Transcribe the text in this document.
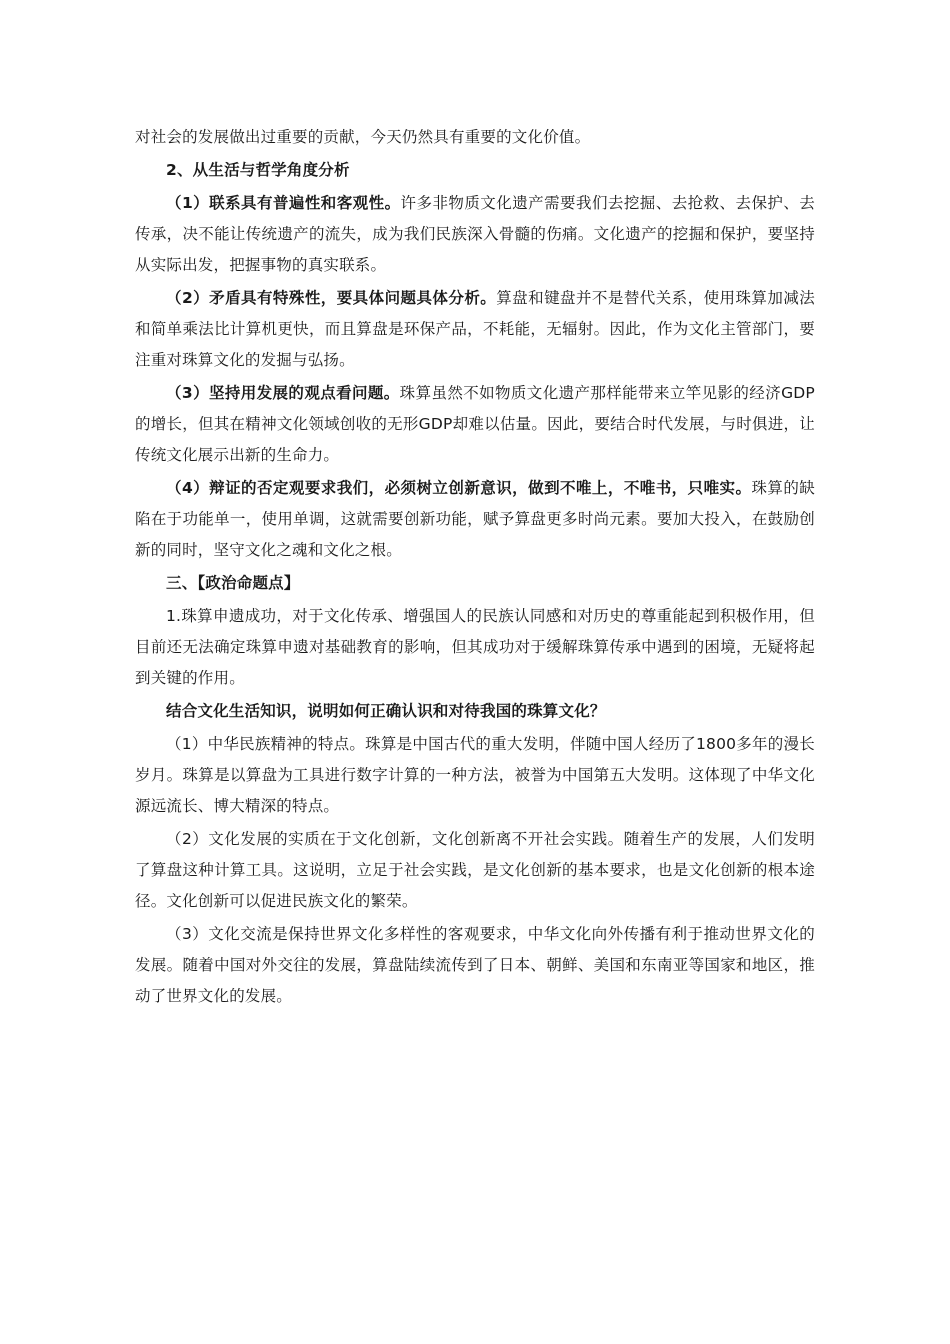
对社会的发展做出过重要的贡献，今天仍然具有重要的文化价值。

2、从生活与哲学角度分析

（1）联系具有普遍性和客观性。许多非物质文化遗产需要我们去挖掘、去抢救、去保护、去传承，决不能让传统遗产的流失，成为我们民族深入骨髓的伤痛。文化遗产的挖掘和保护，要坚持从实际出发，把握事物的真实联系。

（2）矛盾具有特殊性，要具体问题具体分析。算盘和键盘并不是替代关系，使用珠算加减法和简单乘法比计算机更快，而且算盘是环保产品，不耗能，无辐射。因此，作为文化主管部门，要注重对珠算文化的发掘与弘扬。

（3）坚持用发展的观点看问题。珠算虽然不如物质文化遗产那样能带来立竿见影的经济GDP的增长，但其在精神文化领域创收的无形GDP却难以估量。因此，要结合时代发展，与时俱进，让传统文化展示出新的生命力。

（4）辩证的否定观要求我们，必须树立创新意识，做到不唯上，不唯书，只唯实。珠算的缺陷在于功能单一，使用单调，这就需要创新功能，赋予算盘更多时尚元素。要加大投入，在鼓励创新的同时，坚守文化之魂和文化之根。

三、【政治命题点】

1.珠算申遗成功，对于文化传承、增强国人的民族认同感和对历史的尊重能起到积极作用，但目前还无法确定珠算申遗对基础教育的影响，但其成功对于缓解珠算传承中遇到的困境，无疑将起到关键的作用。

结合文化生活知识，说明如何正确认识和对待我国的珠算文化？

（1）中华民族精神的特点。珠算是中国古代的重大发明，伴随中国人经历了1800多年的漫长岁月。珠算是以算盘为工具进行数字计算的一种方法，被誉为中国第五大发明。这体现了中华文化源远流长、博大精深的特点。

（2）文化发展的实质在于文化创新，文化创新离不开社会实践。随着生产的发展，人们发明了算盘这种计算工具。这说明，立足于社会实践，是文化创新的基本要求，也是文化创新的根本途径。文化创新可以促进民族文化的繁荣。

（3）文化交流是保持世界文化多样性的客观要求，中华文化向外传播有利于推动世界文化的发展。随着中国对外交往的发展，算盘陆续流传到了日本、朝鲜、美国和东南亚等国家和地区，推动了世界文化的发展。
